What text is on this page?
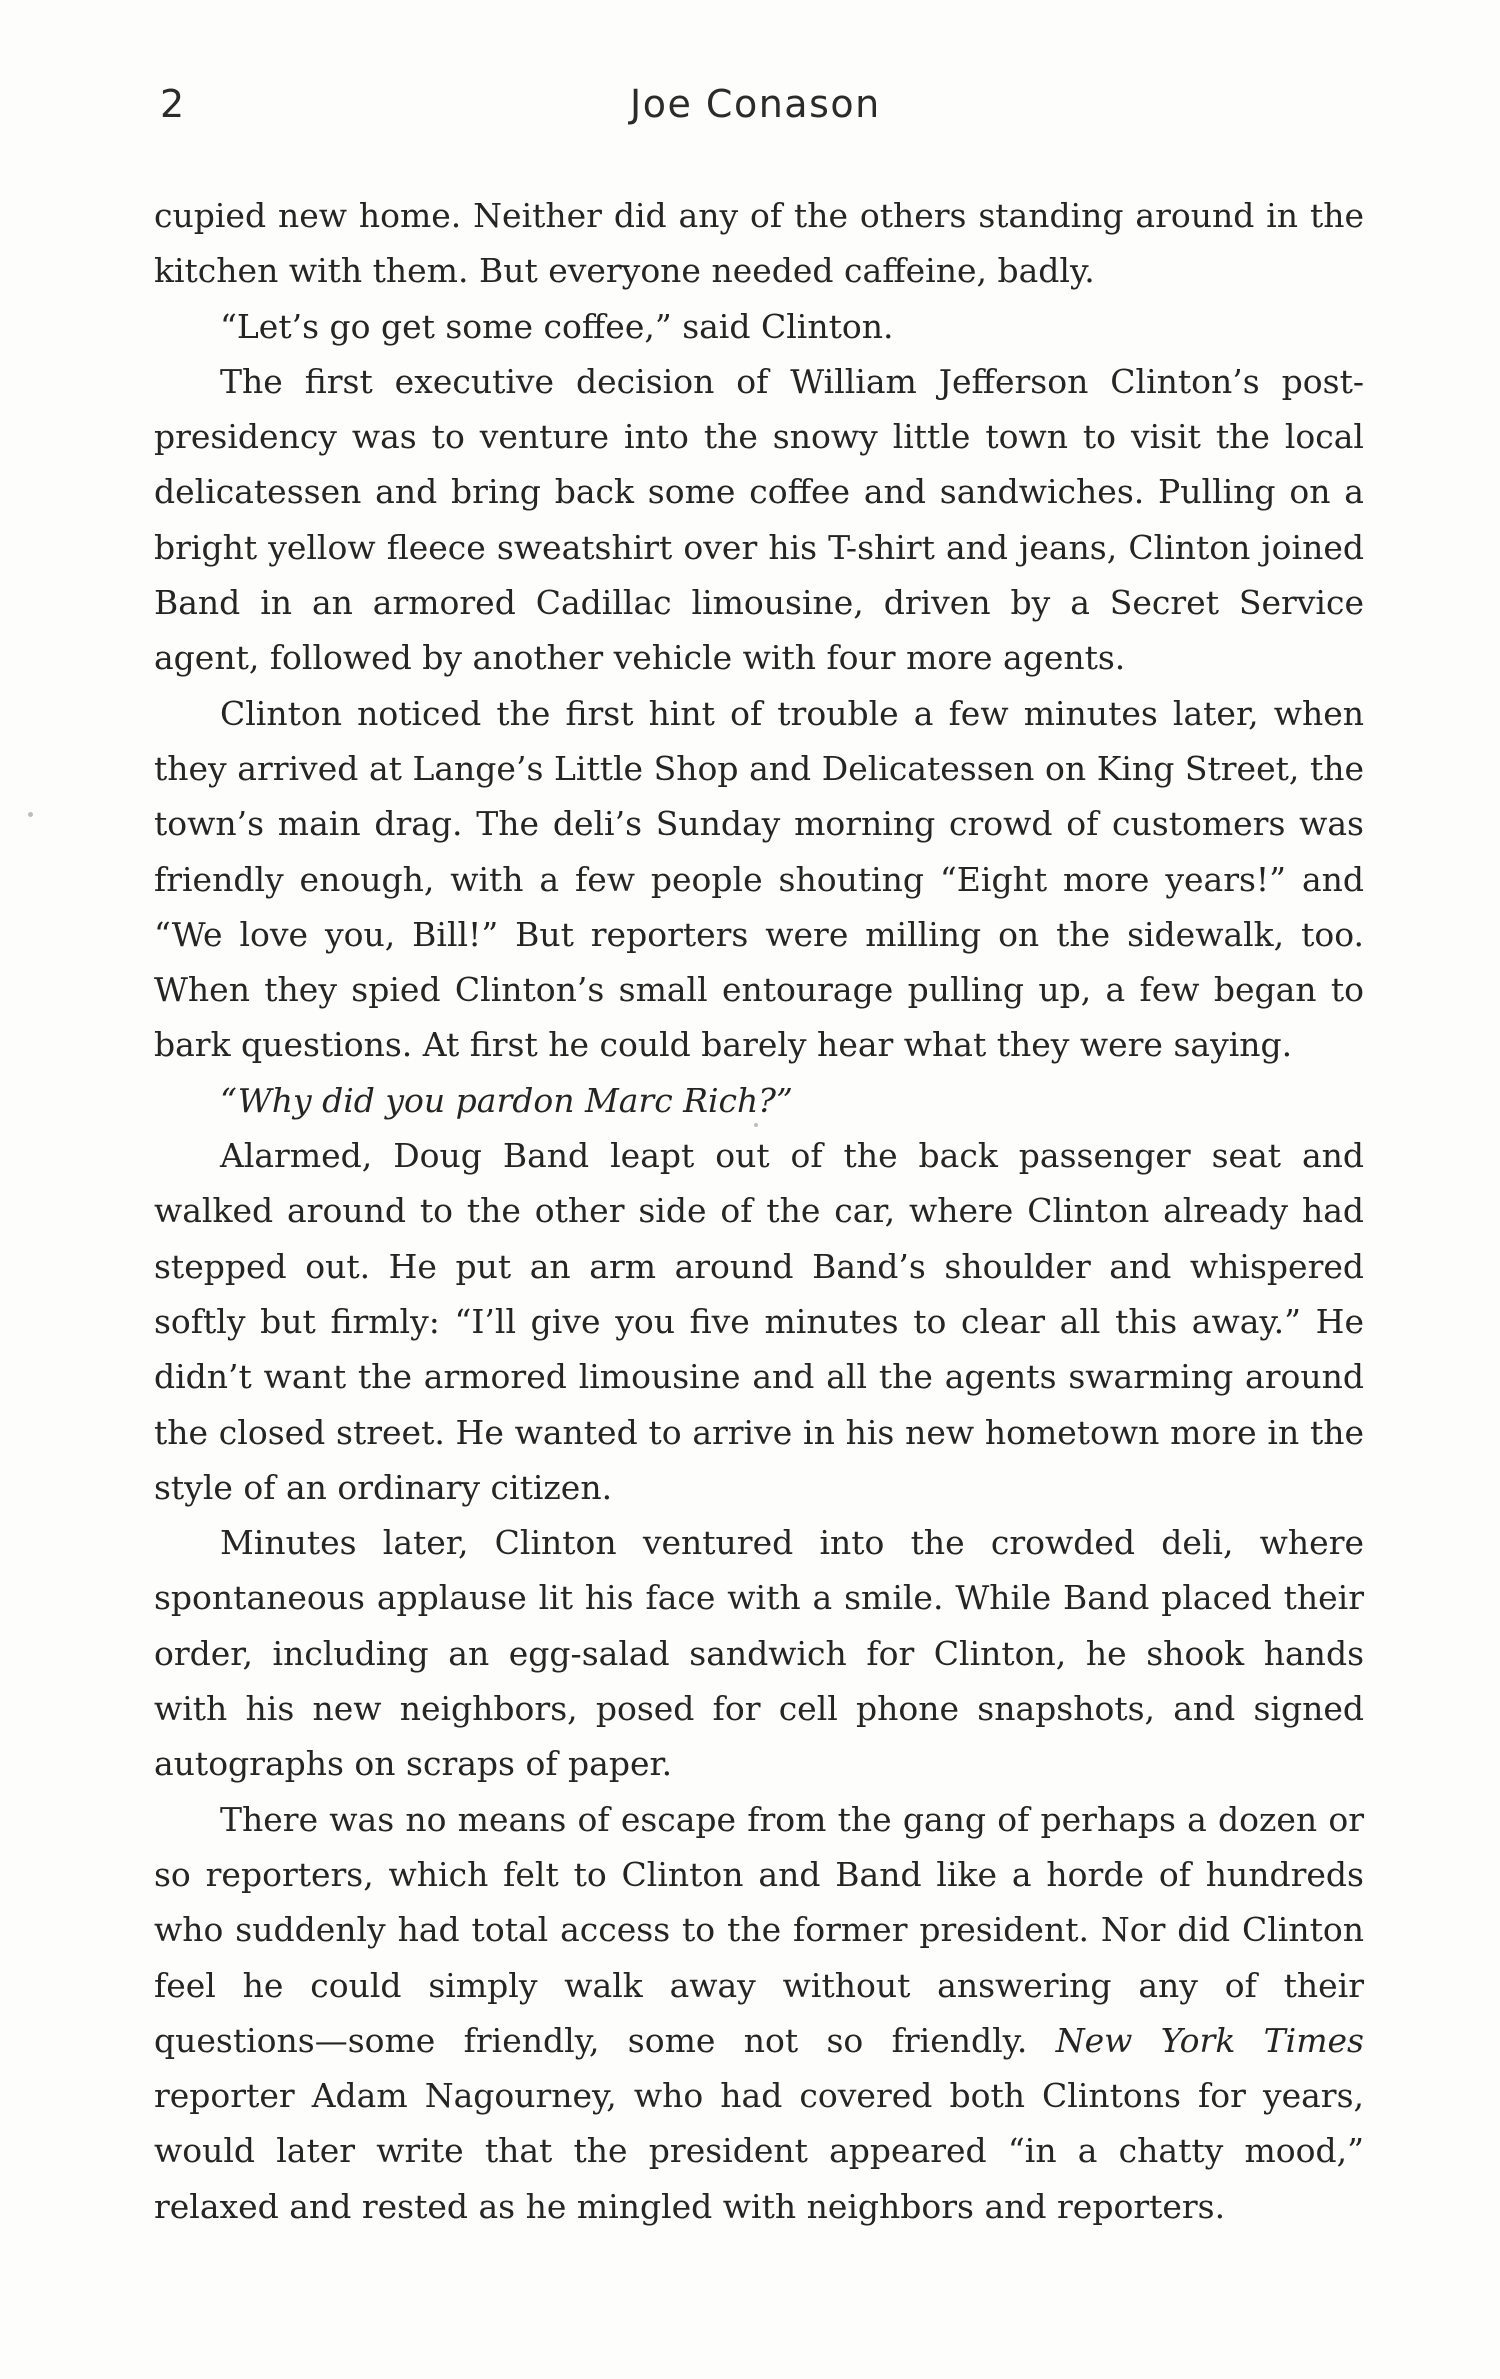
2	Joe Conason

cupied new home. Neither did any of the others standing around in the kitchen with them. But everyone needed caffeine, badly.

“Let’s go get some coffee,” said Clinton.

The first executive decision of William Jefferson Clinton’s post-presidency was to venture into the snowy little town to visit the local delicatessen and bring back some coffee and sandwiches. Pulling on a bright yellow fleece sweatshirt over his T-shirt and jeans, Clinton joined Band in an armored Cadillac limousine, driven by a Secret Service agent, followed by another vehicle with four more agents.

Clinton noticed the first hint of trouble a few minutes later, when they arrived at Lange’s Little Shop and Delicatessen on King Street, the town’s main drag. The deli’s Sunday morning crowd of customers was friendly enough, with a few people shouting “Eight more years!” and “We love you, Bill!” But reporters were milling on the sidewalk, too. When they spied Clinton’s small entourage pulling up, a few began to bark questions. At first he could barely hear what they were saying.

“Why did you pardon Marc Rich?”

Alarmed, Doug Band leapt out of the back passenger seat and walked around to the other side of the car, where Clinton already had stepped out. He put an arm around Band’s shoulder and whispered softly but firmly: “I’ll give you five minutes to clear all this away.” He didn’t want the armored limousine and all the agents swarming around the closed street. He wanted to arrive in his new hometown more in the style of an ordinary citizen.

Minutes later, Clinton ventured into the crowded deli, where spontaneous applause lit his face with a smile. While Band placed their order, including an egg-salad sandwich for Clinton, he shook hands with his new neighbors, posed for cell phone snapshots, and signed autographs on scraps of paper.

There was no means of escape from the gang of perhaps a dozen or so reporters, which felt to Clinton and Band like a horde of hundreds who suddenly had total access to the former president. Nor did Clinton feel he could simply walk away without answering any of their questions—some friendly, some not so friendly. New York Times reporter Adam Nagourney, who had covered both Clintons for years, would later write that the president appeared “in a chatty mood,” relaxed and rested as he mingled with neighbors and reporters.
